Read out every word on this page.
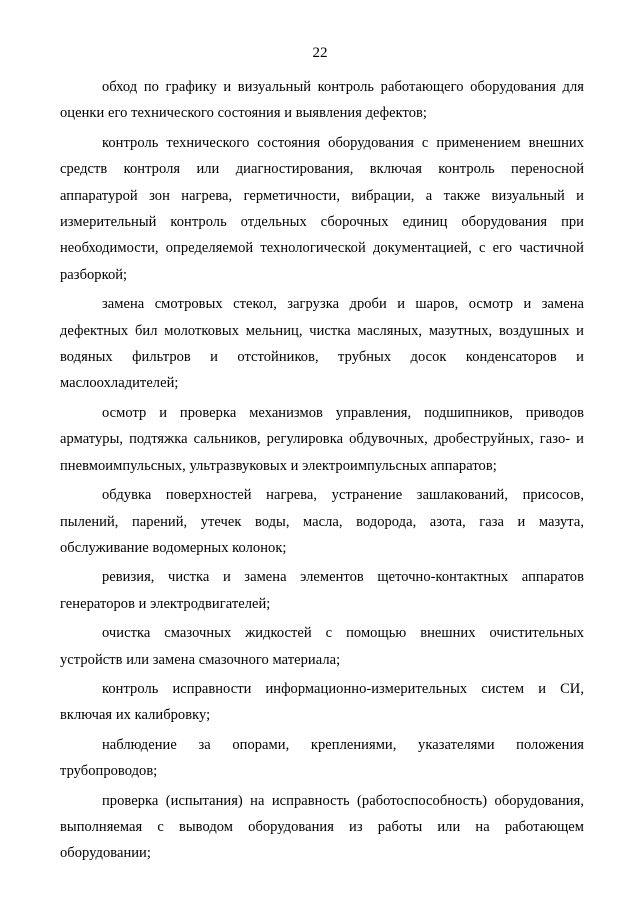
22

обход по графику и визуальный контроль работающего оборудования для оценки его технического состояния и выявления дефектов;

контроль технического состояния оборудования с применением внешних средств контроля или диагностирования, включая контроль переносной аппаратурой зон нагрева, герметичности, вибрации, а также визуальный и измерительный контроль отдельных сборочных единиц оборудования при необходимости, определяемой технологической документацией, с его частичной разборкой;

замена смотровых стекол, загрузка дроби и шаров, осмотр и замена дефектных бил молотковых мельниц, чистка масляных, мазутных, воздушных и водяных фильтров и отстойников, трубных досок конденсаторов и маслоохладителей;

осмотр и проверка механизмов управления, подшипников, приводов арматуры, подтяжка сальников, регулировка обдувочных, дробеструйных, газо- и пневмоимпульсных, ультразвуковых и электроимпульсных аппаратов;

обдувка поверхностей нагрева, устранение зашлакований, присосов, пылений, парений, утечек воды, масла, водорода, азота, газа и мазута, обслуживание водомерных колонок;

ревизия, чистка и замена элементов щеточно-контактных аппаратов генераторов и электродвигателей;

очистка смазочных жидкостей с помощью внешних очистительных устройств или замена смазочного материала;

контроль исправности информационно-измерительных систем и СИ, включая их калибровку;

наблюдение за опорами, креплениями, указателями положения трубопроводов;

проверка (испытания) на исправность (работоспособность) оборудования, выполняемая с выводом оборудования из работы или на работающем оборудовании;
